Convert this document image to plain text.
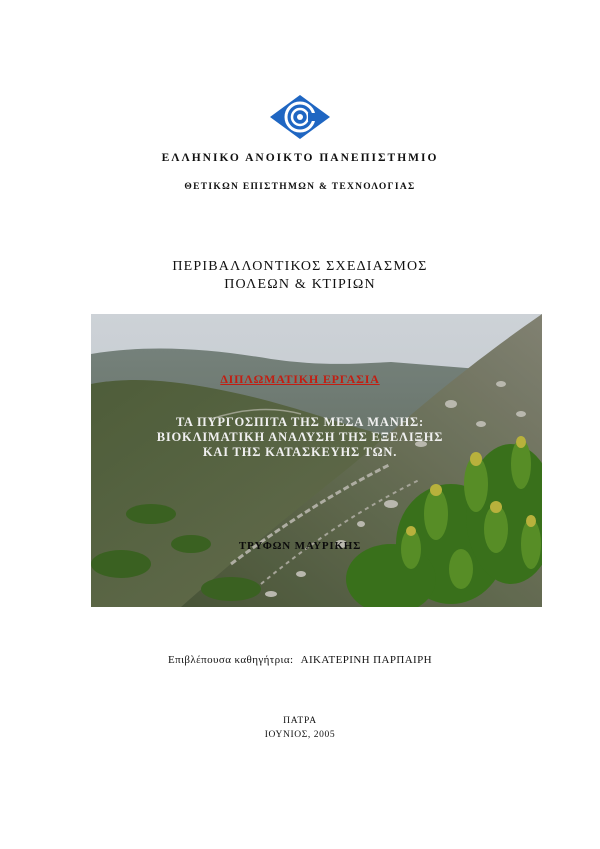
ΕΛΛΗΝΙΚΟ ΑΝΟΙΚΤΟ ΠΑΝΕΠΙΣΤΗΜΙΟ
ΘΕΤΙΚΩΝ ΕΠΙΣΤΗΜΩΝ & ΤΕΧΝΟΛΟΓΙΑΣ
ΠΕΡΙΒΑΛΛΟΝΤΙΚΟΣ ΣΧΕΔΙΑΣΜΟΣ
ΠΟΛΕΩΝ & ΚΤΙΡΙΩΝ
ΔΙΠΛΩΜΑΤΙΚΗ ΕΡΓΑΣΙΑ
ΤΑ ΠΥΡΓΟΣΠΙΤΑ ΤΗΣ ΜΕΣΑ ΜΑΝΗΣ:
ΒΙΟΚΛΙΜΑΤΙΚΗ ΑΝΑΛΥΣΗ ΤΗΣ ΕΞΕΛΙΞΗΣ
ΚΑΙ ΤΗΣ ΚΑΤΑΣΚΕΥΗΣ ΤΩΝ.
ΤΡΥΦΩΝ ΜΑΥΡΙΚΗΣ
Επιβλέπουσα καθηγήτρια: ΑΙΚΑΤΕΡΙΝΗ ΠΑΡΠΑΙΡΗ
ΠΑΤΡΑ
ΙΟΥΝΙΟΣ, 2005
